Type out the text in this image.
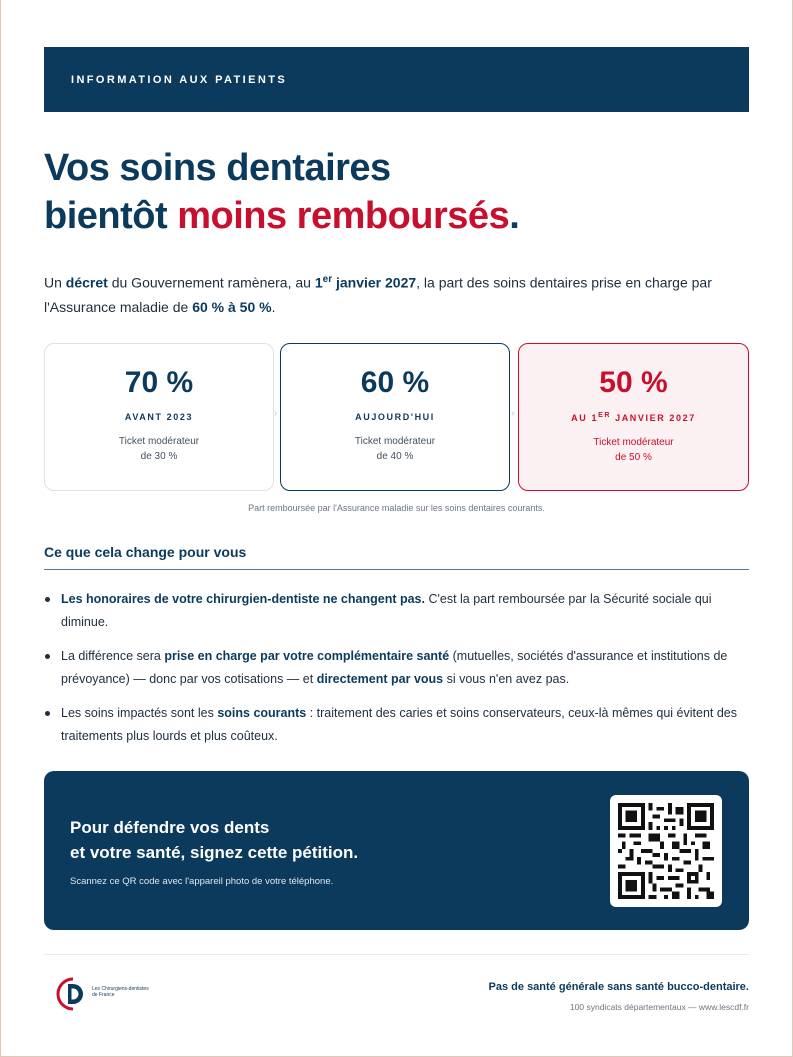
INFORMATION AUX PATIENTS
Vos soins dentaires
bientôt moins remboursés.

Un décret du Gouvernement ramènera, au 1er janvier 2027, la part des soins dentaires prise en charge par l'Assurance maladie de 60 % à 50 %.

70 %
AVANT 2023
Ticket modérateur
de 30 %
›
60 %
AUJOURD'HUI
Ticket modérateur
de 40 %
›
50 %
AU 1ER JANVIER 2027
Ticket modérateur
de 50 %
Part remboursée par l'Assurance maladie sur les soins dentaires courants.
Ce que cela change pour vous
Les honoraires de votre chirurgien-dentiste ne changent pas. C'est la part remboursée par la Sécurité sociale qui diminue.
La différence sera prise en charge par votre complémentaire santé (mutuelles, sociétés d'assurance et institutions de prévoyance) — donc par vos cotisations — et directement par vous si vous n'en avez pas.
Les soins impactés sont les soins courants : traitement des caries et soins conservateurs, ceux-là mêmes qui évitent des traitements plus lourds et plus coûteux.
Pour défendre vos dents
et votre santé, signez cette pétition.
Scannez ce QR code avec l'appareil photo de votre téléphone.
Les Chirurgiens-dentistes
de France
Pas de santé générale sans santé bucco-dentaire.
100 syndicats départementaux — www.lescdf.fr
